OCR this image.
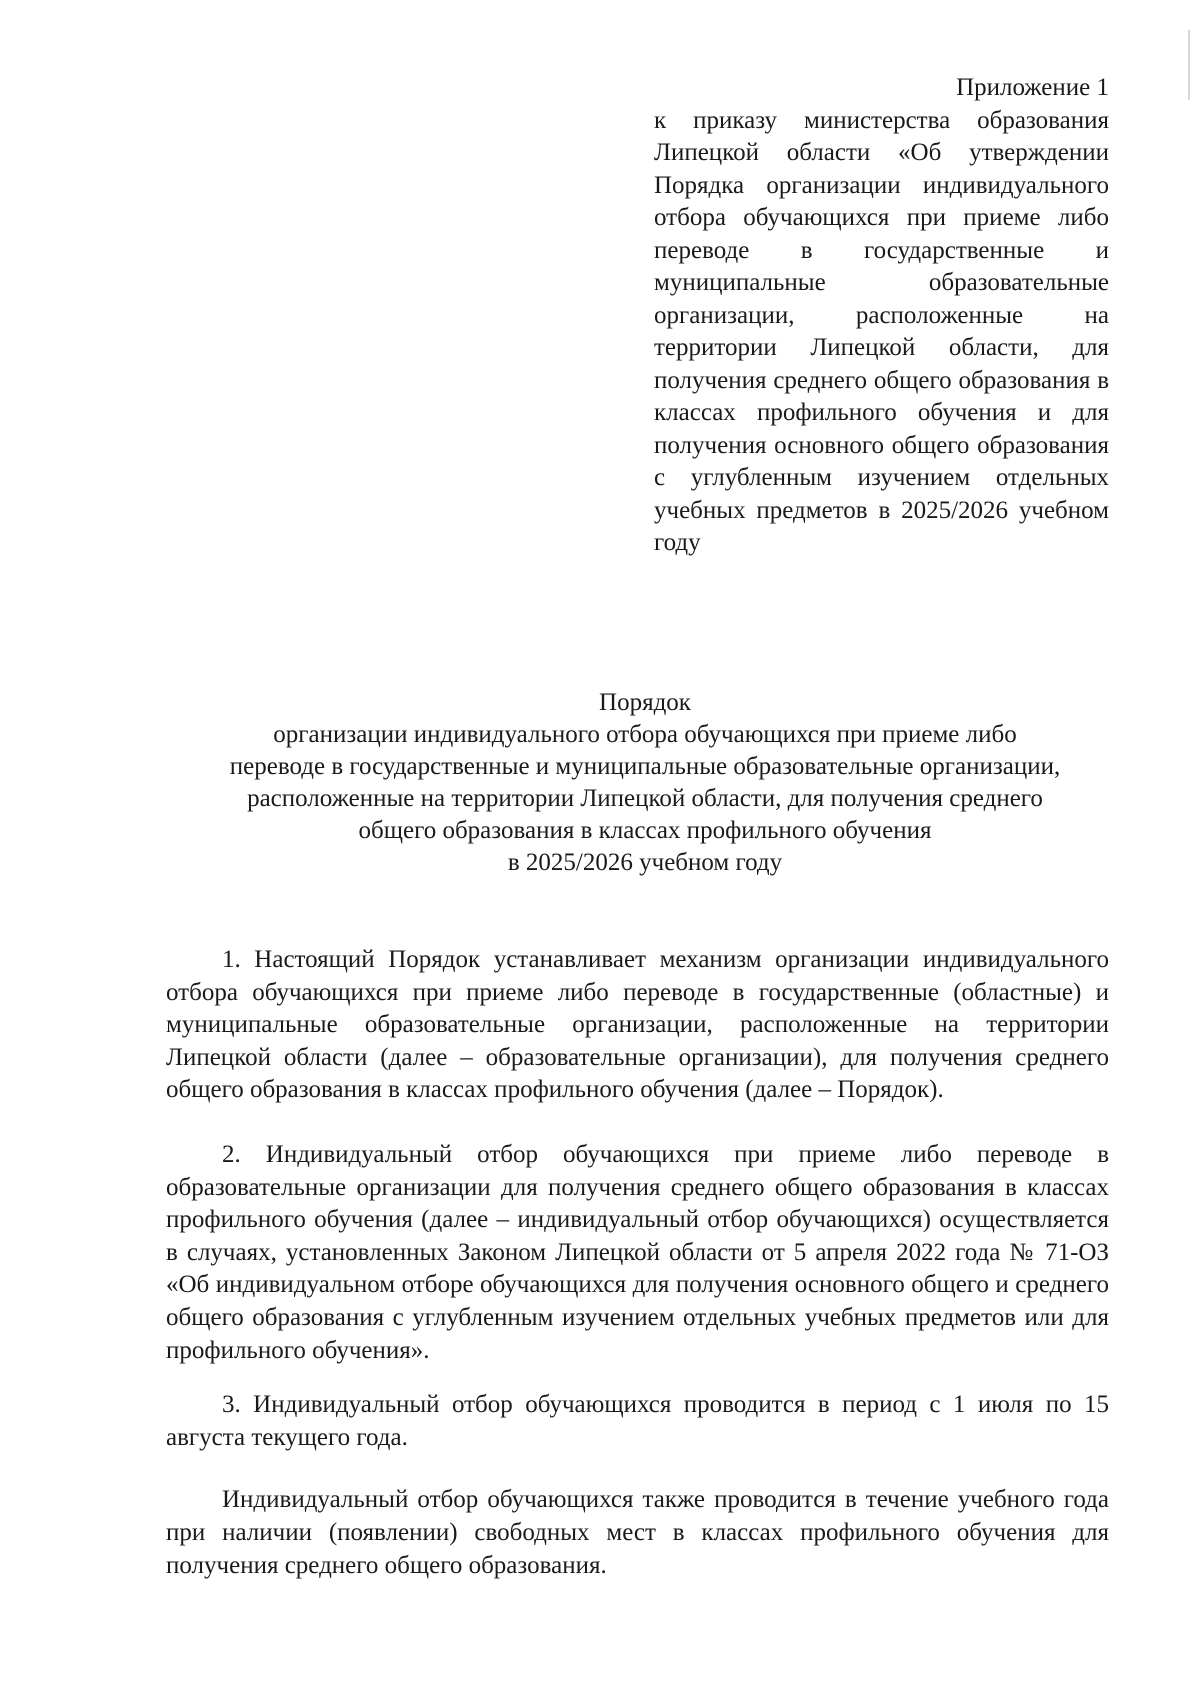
Приложение 1

к приказу министерства образования Липецкой области «Об утверждении Порядка организации индивидуального отбора обучающихся при приеме либо переводе в государственные и муниципальные образовательные организации, расположенные на территории Липецкой области, для получения среднего общего образования в классах профильного обучения и для получения основного общего образования с углубленным изучением отдельных учебных предметов в 2025/2026 учебном году

Порядок
организации индивидуального отбора обучающихся при приеме либо
переводе в государственные и муниципальные образовательные организации,
расположенные на территории Липецкой области, для получения среднего
общего образования в классах профильного обучения
в 2025/2026 учебном году

1. Настоящий Порядок устанавливает механизм организации индивидуального отбора обучающихся при приеме либо переводе в государственные (областные) и муниципальные образовательные организации, расположенные на территории Липецкой области (далее – образовательные организации), для получения среднего общего образования в классах профильного обучения (далее – Порядок).

2. Индивидуальный отбор обучающихся при приеме либо переводе в образовательные организации для получения среднего общего образования в классах профильного обучения (далее – индивидуальный отбор обучающихся) осуществляется в случаях, установленных Законом Липецкой области от 5 апреля 2022 года № 71-ОЗ «Об индивидуальном отборе обучающихся для получения основного общего и среднего общего образования с углубленным изучением отдельных учебных предметов или для профильного обучения».

3. Индивидуальный отбор обучающихся проводится в период с 1 июля по 15 августа текущего года.

Индивидуальный отбор обучающихся также проводится в течение учебного года при наличии (появлении) свободных мест в классах профильного обучения для получения среднего общего образования.
